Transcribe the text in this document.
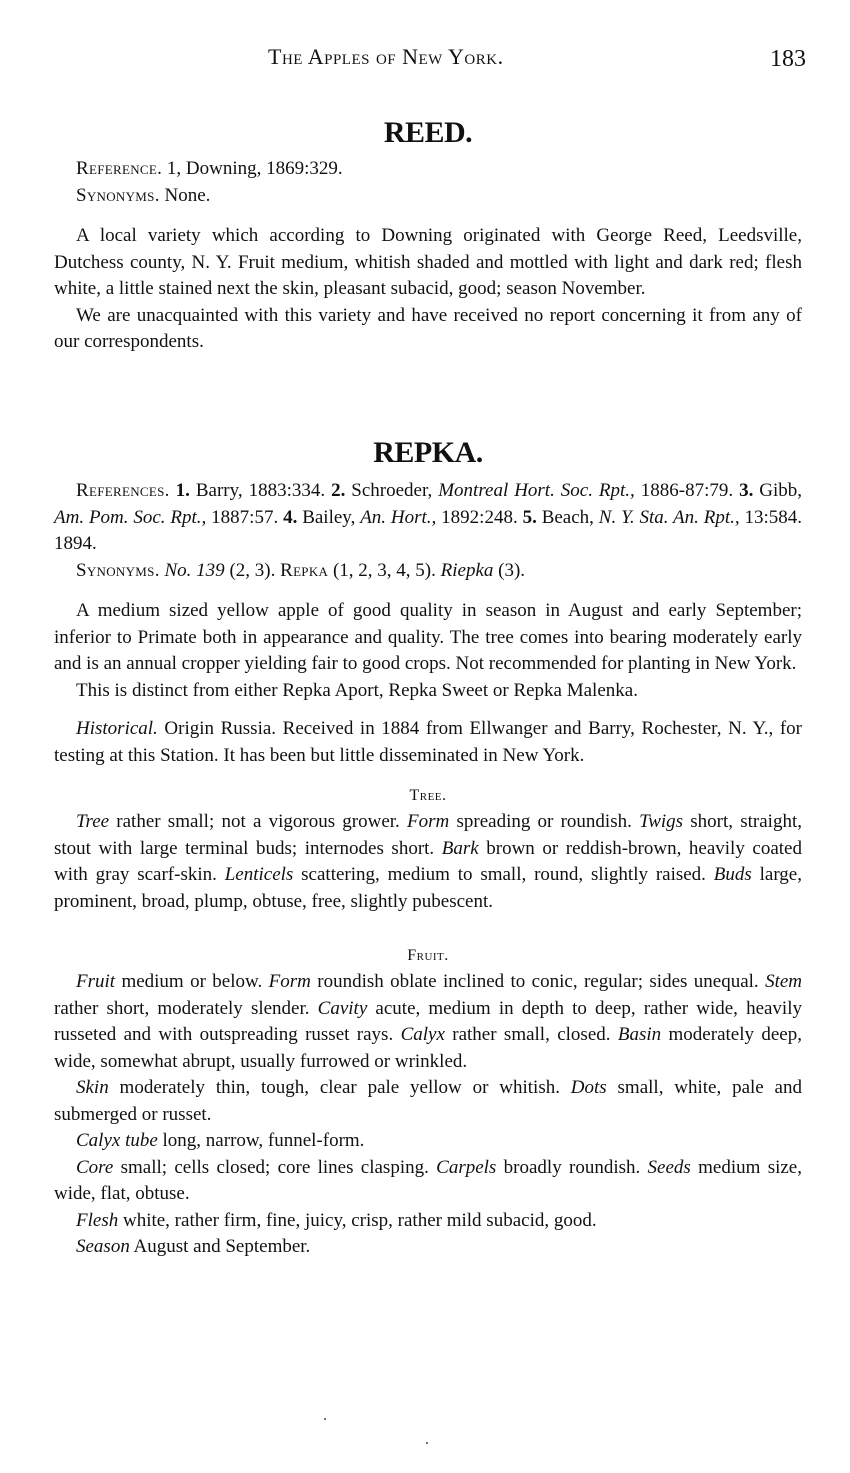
The Apples of New York.	183
REED.
Reference. 1, Downing, 1869:329.
Synonyms. None.

A local variety which according to Downing originated with George Reed, Leedsville, Dutchess county, N. Y. Fruit medium, whitish shaded and mottled with light and dark red; flesh white, a little stained next the skin, pleasant subacid, good; season November.

We are unacquainted with this variety and have received no report concerning it from any of our correspondents.

REPKA.

References. 1. Barry, 1883:334. 2. Schroeder, Montreal Hort. Soc. Rpt., 1886-87:79. 3. Gibb, Am. Pom. Soc. Rpt., 1887:57. 4. Bailey, An. Hort., 1892:248. 5. Beach, N. Y. Sta. An. Rpt., 13:584. 1894.

Synonyms. No. 139 (2, 3). Repka (1, 2, 3, 4, 5). Riepka (3).

A medium sized yellow apple of good quality in season in August and early September; inferior to Primate both in appearance and quality. The tree comes into bearing moderately early and is an annual cropper yielding fair to good crops. Not recommended for planting in New York.

This is distinct from either Repka Aport, Repka Sweet or Repka Malenka.

Historical. Origin Russia. Received in 1884 from Ellwanger and Barry, Rochester, N. Y., for testing at this Station. It has been but little disseminated in New York.

Tree.

Tree rather small; not a vigorous grower. Form spreading or roundish. Twigs short, straight, stout with large terminal buds; internodes short. Bark brown or reddish-brown, heavily coated with gray scarf-skin. Lenticels scattering, medium to small, round, slightly raised. Buds large, prominent, broad, plump, obtuse, free, slightly pubescent.

Fruit.

Fruit medium or below. Form roundish oblate inclined to conic, regular; sides unequal. Stem rather short, moderately slender. Cavity acute, medium in depth to deep, rather wide, heavily russeted and with outspreading russet rays. Calyx rather small, closed. Basin moderately deep, wide, somewhat abrupt, usually furrowed or wrinkled.

Skin moderately thin, tough, clear pale yellow or whitish. Dots small, white, pale and submerged or russet.

Calyx tube long, narrow, funnel-form.

Core small; cells closed; core lines clasping. Carpels broadly roundish. Seeds medium size, wide, flat, obtuse.

Flesh white, rather firm, fine, juicy, crisp, rather mild subacid, good.

Season August and September.
